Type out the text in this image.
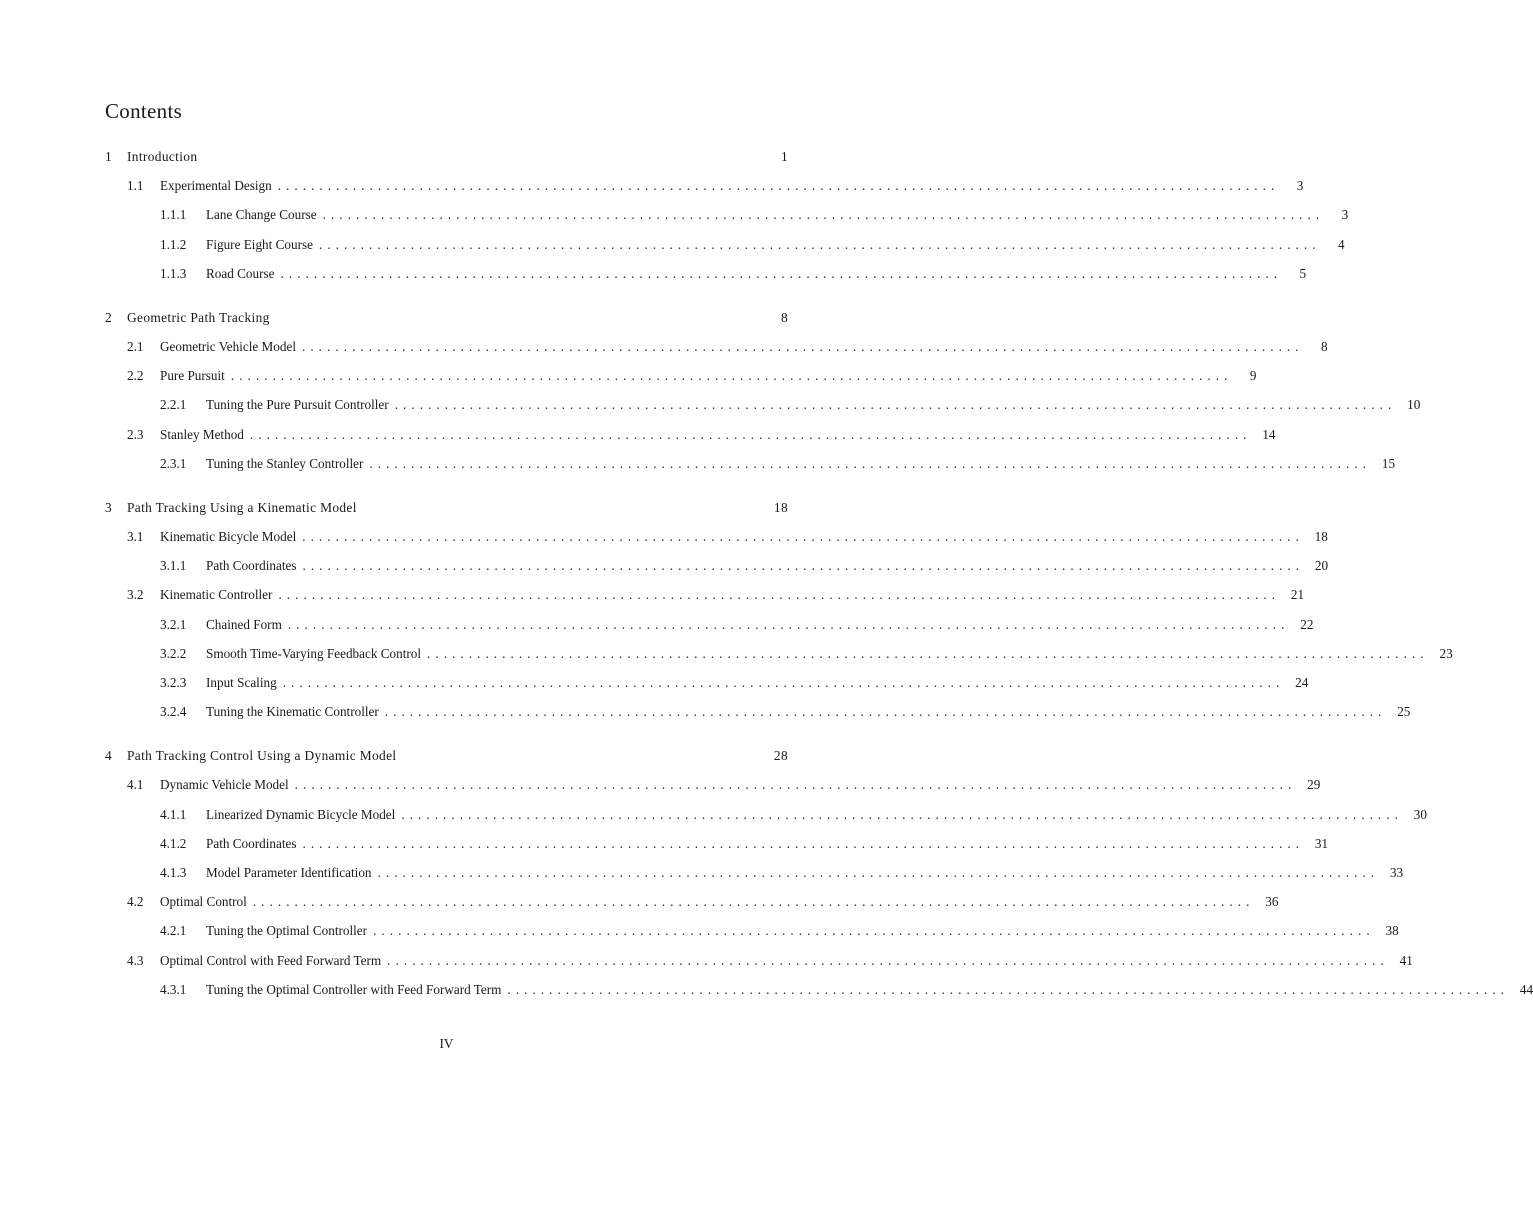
Contents
1	Introduction	1
1.1	Experimental Design ........................................................................................................................	3
1.1.1	Lane Change Course ........................................................................................................................	3
1.1.2	Figure Eight Course ........................................................................................................................	4
1.1.3	Road Course ........................................................................................................................	5
2	Geometric Path Tracking	8
2.1	Geometric Vehicle Model ........................................................................................................................	8
2.2	Pure Pursuit ........................................................................................................................	9
2.2.1	Tuning the Pure Pursuit Controller ........................................................................................................................ 10
2.3	Stanley Method ........................................................................................................................ 14
2.3.1	Tuning the Stanley Controller ........................................................................................................................ 15
3	Path Tracking Using a Kinematic Model	18
3.1	Kinematic Bicycle Model ........................................................................................................................ 18
3.1.1	Path Coordinates ........................................................................................................................ 20
3.2	Kinematic Controller ........................................................................................................................ 21
3.2.1	Chained Form ........................................................................................................................ 22
3.2.2	Smooth Time-Varying Feedback Control ........................................................................................................................ 23
3.2.3	Input Scaling ........................................................................................................................ 24
3.2.4	Tuning the Kinematic Controller ........................................................................................................................ 25
4	Path Tracking Control Using a Dynamic Model	28
4.1	Dynamic Vehicle Model ........................................................................................................................ 29
4.1.1	Linearized Dynamic Bicycle Model ........................................................................................................................ 30
4.1.2	Path Coordinates ........................................................................................................................ 31
4.1.3	Model Parameter Identification ........................................................................................................................ 33
4.2	Optimal Control ........................................................................................................................ 36
4.2.1	Tuning the Optimal Controller ........................................................................................................................ 38
4.3	Optimal Control with Feed Forward Term ........................................................................................................................ 41
4.3.1	Tuning the Optimal Controller with Feed Forward Term ........................................................................................................................ 44
IV
